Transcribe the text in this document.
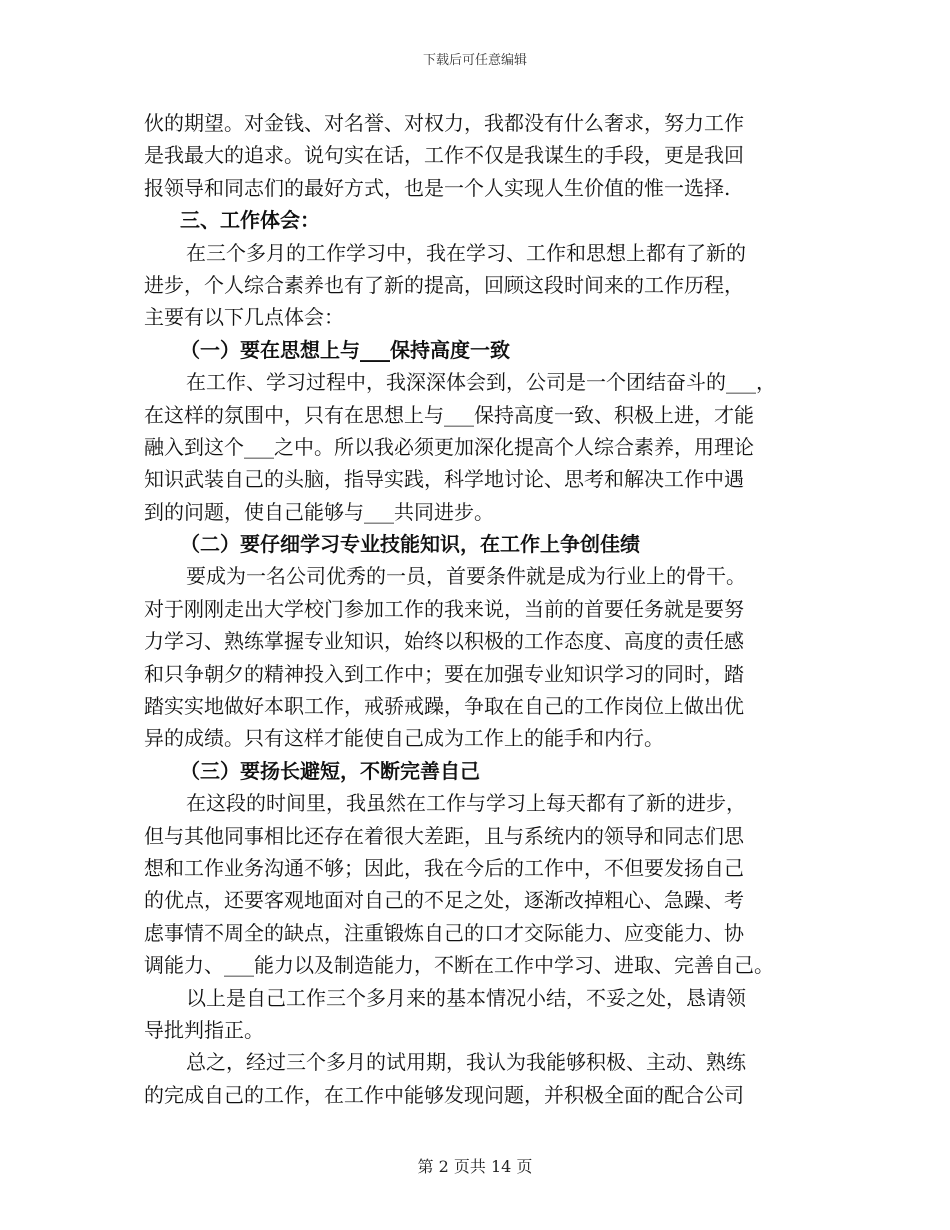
下载后可任意编辑
伙的期望。对金钱、对名誉、对权力，我都没有什么奢求，努力工作
是我最大的追求。说句实在话，工作不仅是我谋生的手段，更是我回
报领导和同志们的最好方式，也是一个人实现人生价值的惟一选择.
三、工作体会：
在三个多月的工作学习中，我在学习、工作和思想上都有了新的
进步，个人综合素养也有了新的提高，回顾这段时间来的工作历程，
主要有以下几点体会：
（一）要在思想上与___保持高度一致
在工作、学习过程中，我深深体会到，公司是一个团结奋斗的___，
在这样的氛围中，只有在思想上与___保持高度一致、积极上进，才能
融入到这个___之中。所以我必须更加深化提高个人综合素养，用理论
知识武装自己的头脑，指导实践，科学地讨论、思考和解决工作中遇
到的问题，使自己能够与___共同进步。
（二）要仔细学习专业技能知识，在工作上争创佳绩
要成为一名公司优秀的一员，首要条件就是成为行业上的骨干。
对于刚刚走出大学校门参加工作的我来说，当前的首要任务就是要努
力学习、熟练掌握专业知识，始终以积极的工作态度、高度的责任感
和只争朝夕的精神投入到工作中；要在加强专业知识学习的同时，踏
踏实实地做好本职工作，戒骄戒躁，争取在自己的工作岗位上做出优
异的成绩。只有这样才能使自己成为工作上的能手和内行。
（三）要扬长避短，不断完善自己
在这段的时间里，我虽然在工作与学习上每天都有了新的进步，
但与其他同事相比还存在着很大差距，且与系统内的领导和同志们思
想和工作业务沟通不够；因此，我在今后的工作中，不但要发扬自己
的优点，还要客观地面对自己的不足之处，逐渐改掉粗心、急躁、考
虑事情不周全的缺点，注重锻炼自己的口才交际能力、应变能力、协
调能力、___能力以及制造能力，不断在工作中学习、进取、完善自己。
以上是自己工作三个多月来的基本情况小结，不妥之处，恳请领
导批判指正。
总之，经过三个多月的试用期，我认为我能够积极、主动、熟练
的完成自己的工作，在工作中能够发现问题，并积极全面的配合公司
第 2 页共 14 页
